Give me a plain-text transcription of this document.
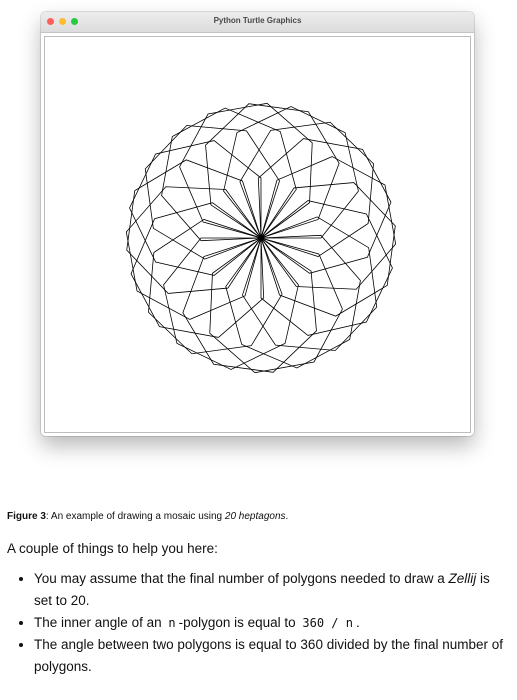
Python Turtle Graphics
Figure 3: An example of drawing a mosaic using 20 heptagons.
A couple of things to help you here:
• You may assume that the final number of polygons needed to draw a Zellij is set to 20.
• The inner angle of an n -polygon is equal to 360 / n .
• The angle between two polygons is equal to 360 divided by the final number of polygons.
